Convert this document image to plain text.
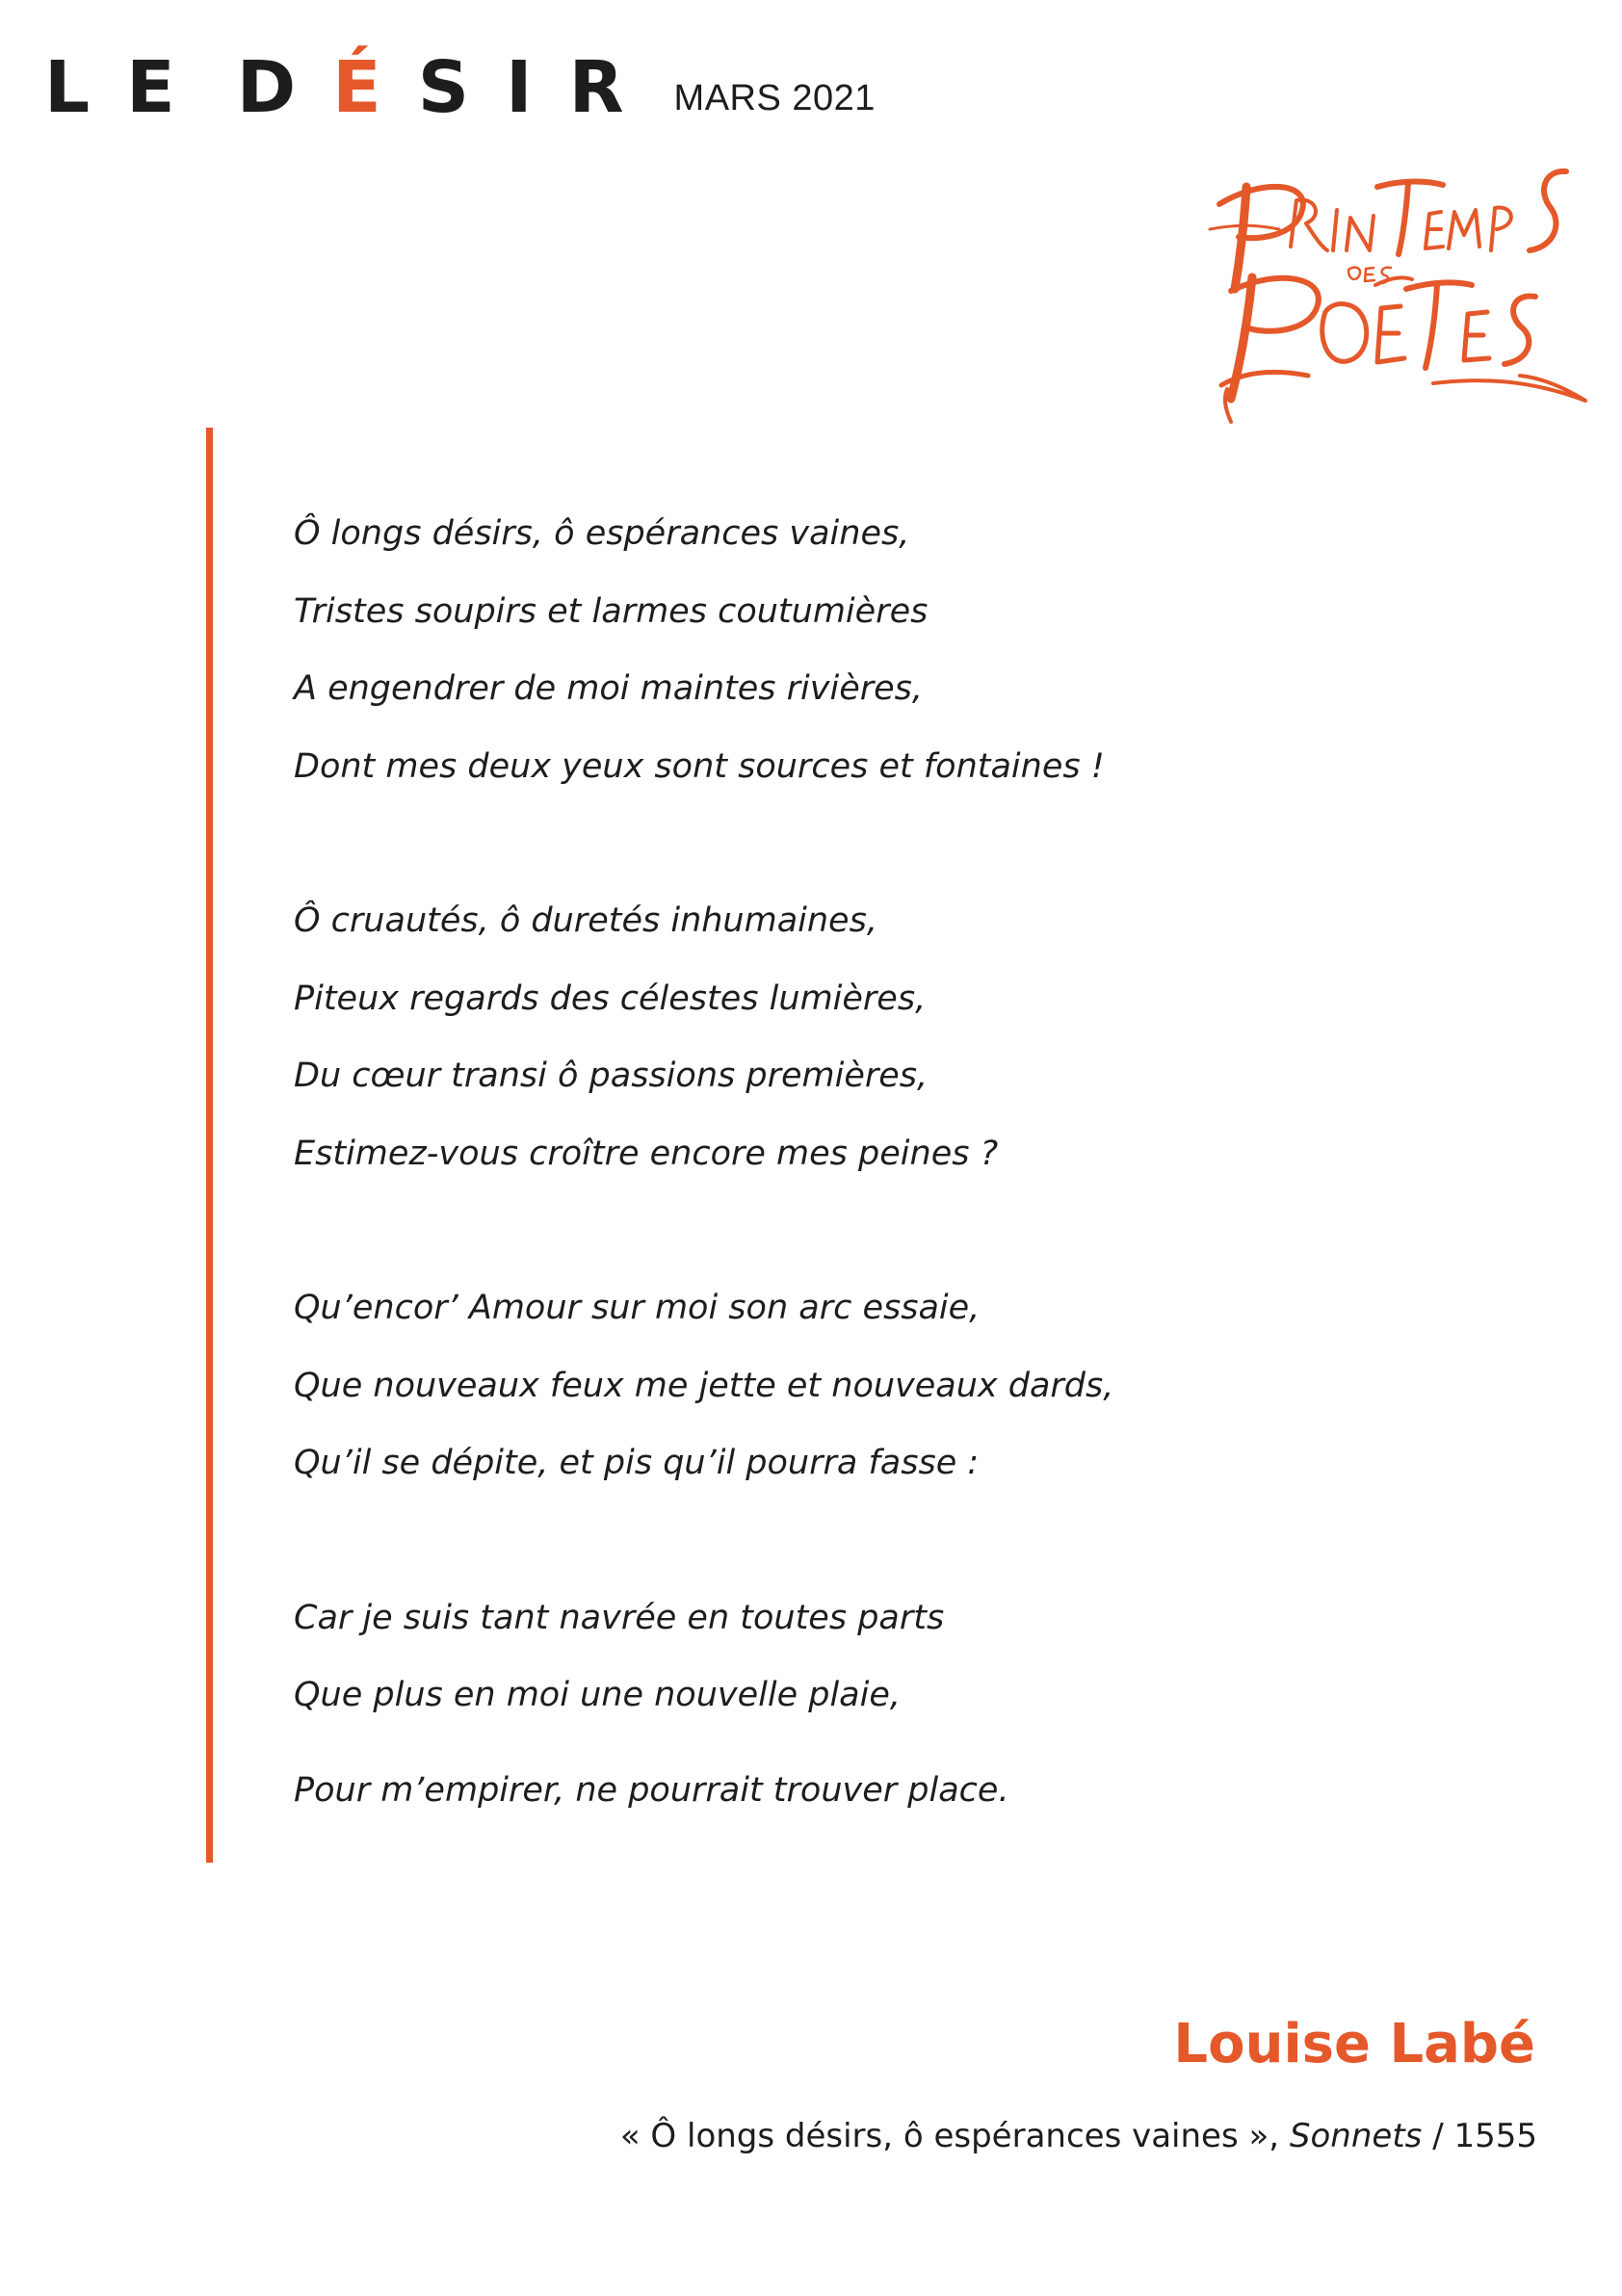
L E D É S I R MARS 2021
Ô longs désirs, ô espérances vaines,
Tristes soupirs et larmes coutumières
A engendrer de moi maintes rivières,
Dont mes deux yeux sont sources et fontaines !
Ô cruautés, ô duretés inhumaines,
Piteux regards des célestes lumières,
Du cœur transi ô passions premières,
Estimez-vous croître encore mes peines ?
Qu’encor’ Amour sur moi son arc essaie,
Que nouveaux feux me jette et nouveaux dards,
Qu’il se dépite, et pis qu’il pourra fasse :
Car je suis tant navrée en toutes parts
Que plus en moi une nouvelle plaie,
Pour m’empirer, ne pourrait trouver place.
Louise Labé
« Ô longs désirs, ô espérances vaines », Sonnets / 1555
